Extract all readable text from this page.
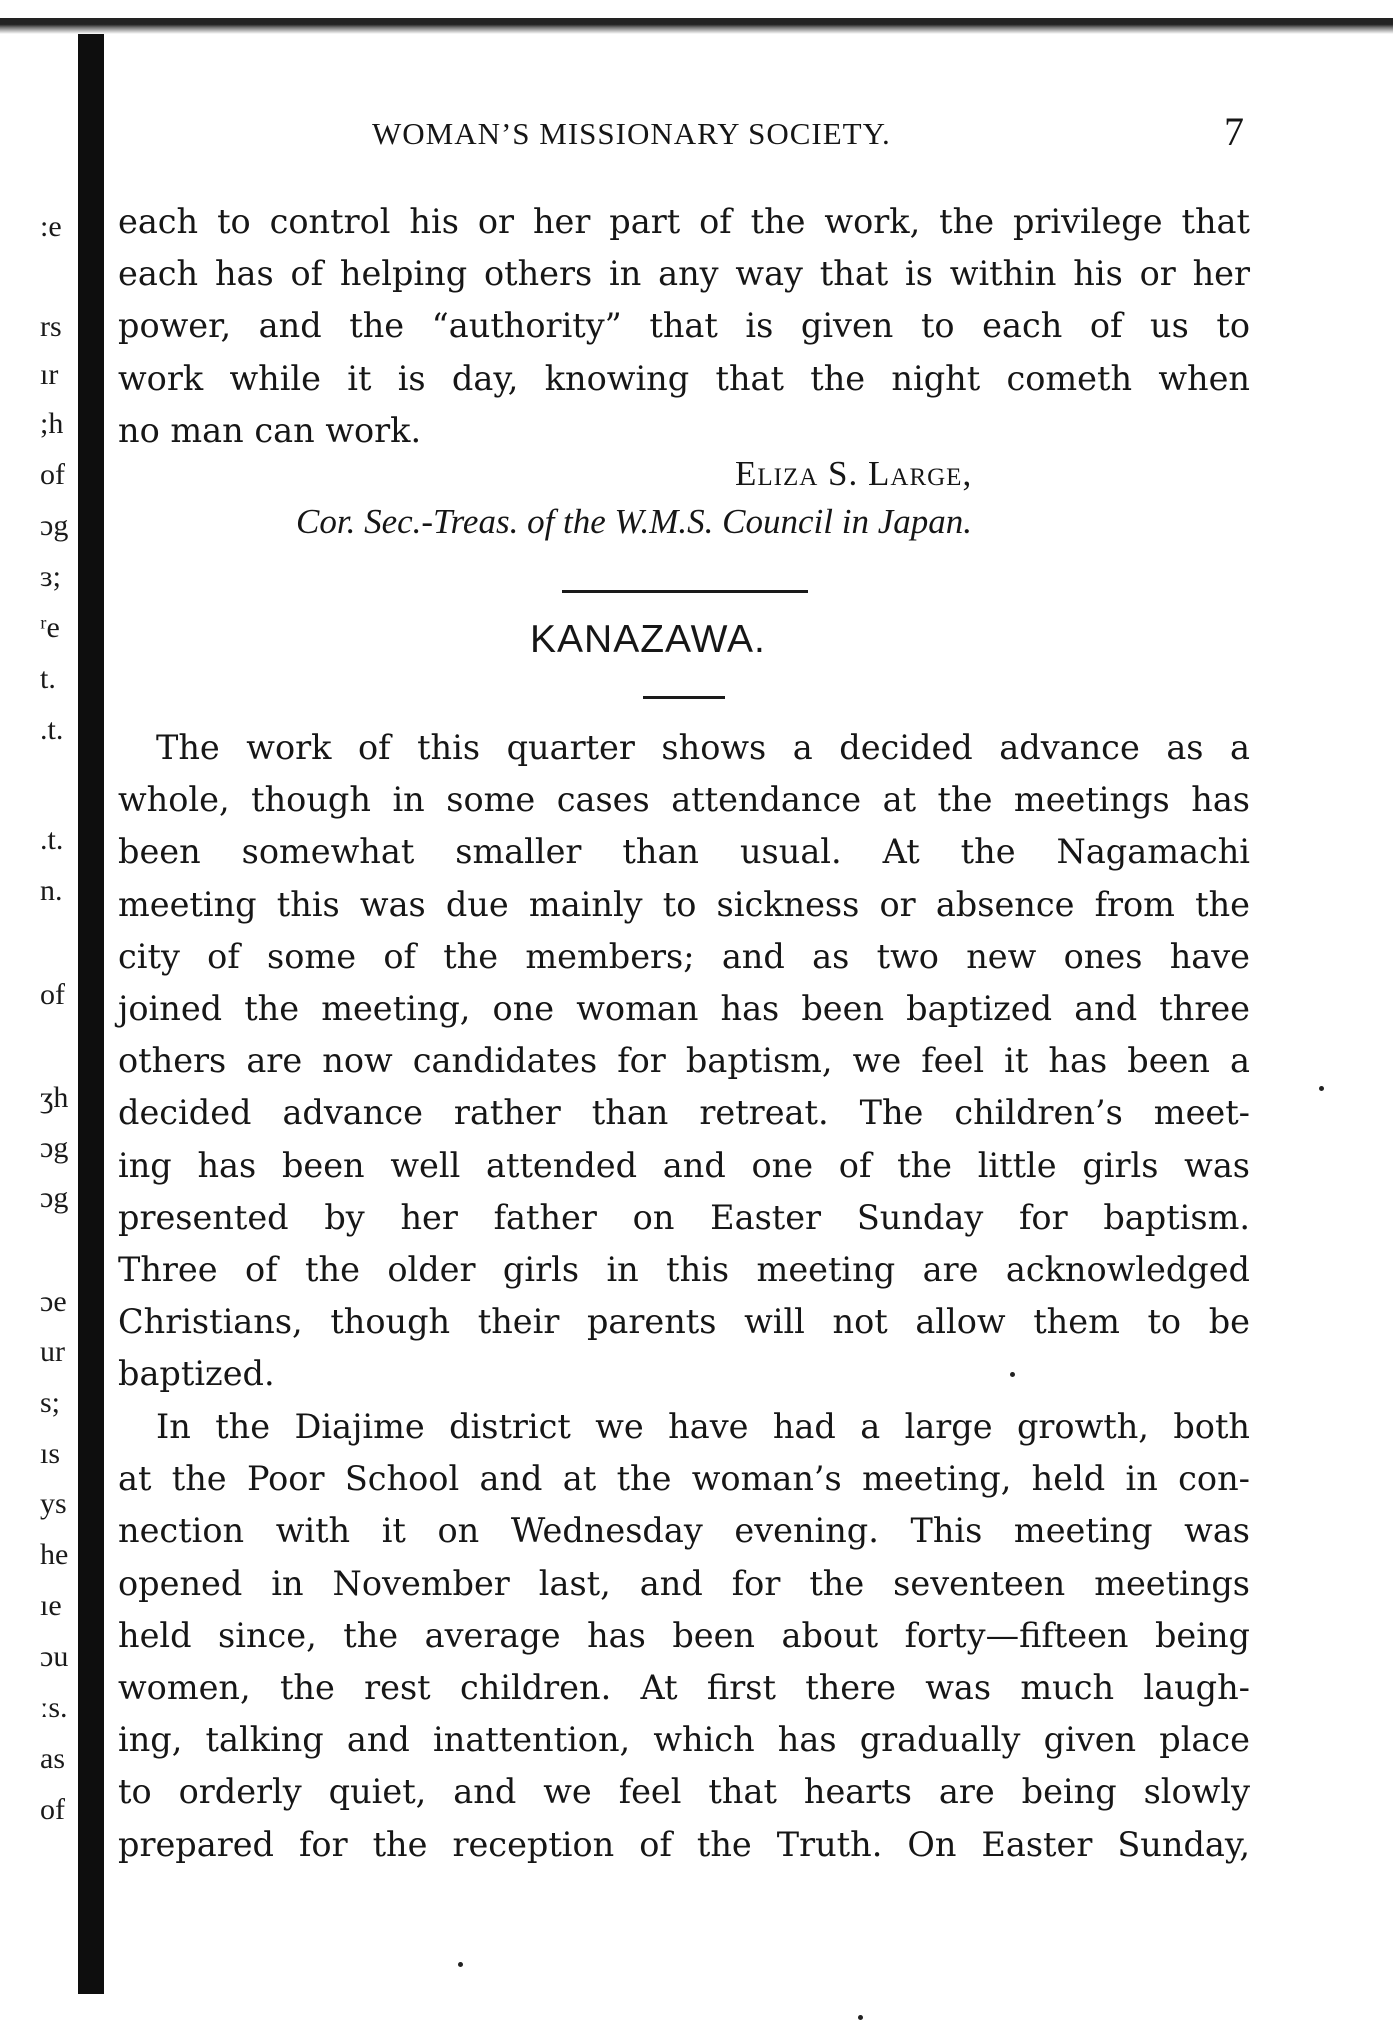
:e
rs
ır
;h
of
ɔg
ɜ;
ʳe
t.
.t.
.t.
n.
of
ʒh
ɔg
ɔg
ɔe
ur
s;
ıs
ys
he
ıe
ɔu
ːs.
as
of
WOMAN’S MISSIONARY SOCIETY.	7

each to control his or her part of the work, the privilege that

each has of helping others in any way that is within his or her

power, and the “authority” that is given to each of us to

work while it is day, knowing that the night cometh when

no man can work.

Eliza S. Large,
Cor. Sec.-Treas. of the W.M.S. Council in Japan.
KANAZAWA.

The work of this quarter shows a decided advance as a

whole, though in some cases attendance at the meetings has

been somewhat smaller than usual. At the Nagamachi

meeting this was due mainly to sickness or absence from the

city of some of the members; and as two new ones have

joined the meeting, one woman has been baptized and three

others are now candidates for baptism, we feel it has been a

decided advance rather than retreat. The children’s meet-

ing has been well attended and one of the little girls was

presented by her father on Easter Sunday for baptism.

Three of the older girls in this meeting are acknowledged

Christians, though their parents will not allow them to be

baptized.

In the Diajime district we have had a large growth, both

at the Poor School and at the woman’s meeting, held in con-

nection with it on Wednesday evening. This meeting was

opened in November last, and for the seventeen meetings

held since, the average has been about forty—fifteen being

women, the rest children. At first there was much laugh-

ing, talking and inattention, which has gradually given place

to orderly quiet, and we feel that hearts are being slowly

prepared for the reception of the Truth. On Easter Sunday,
